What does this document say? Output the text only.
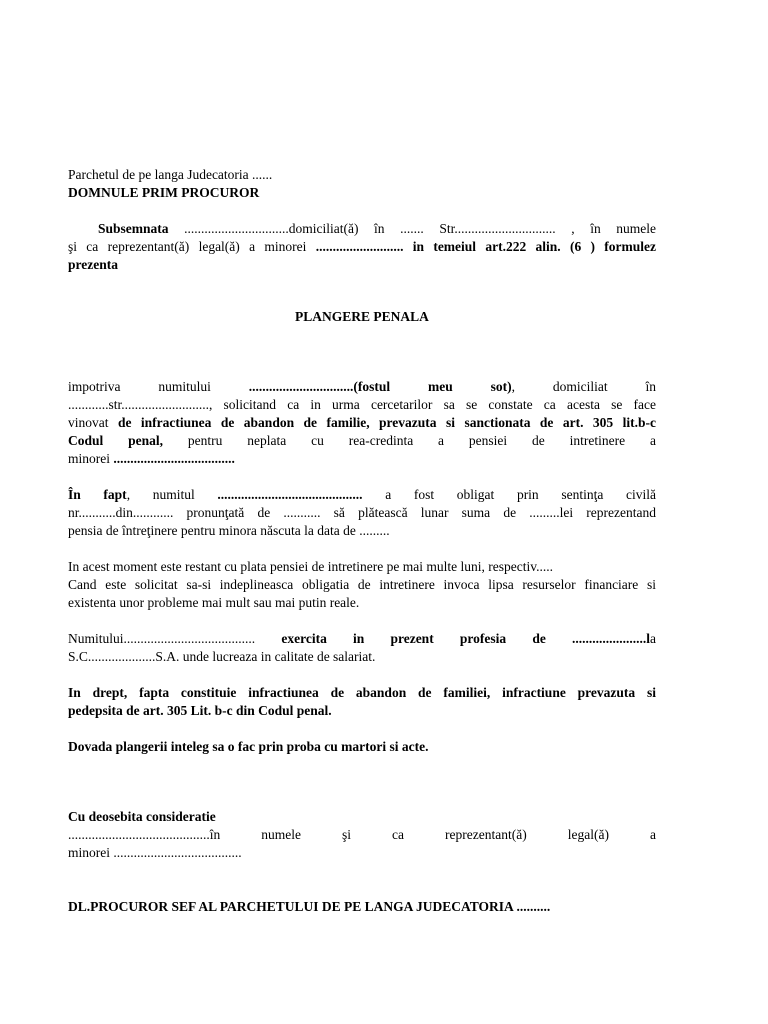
Parchetul de pe langa Judecatoria ......

DOMNULE PRIM PROCUROR

Subsemnata ...............................domiciliat(ă) în ....... Str.............................. , în numele

şi ca reprezentant(ă) legal(ă) a minorei .......................... in temeiul art.222 alin. (6 ) formulez

prezenta

PLANGERE PENALA

impotriva numitului	...............................(fostul meu sot), domiciliat în

............str.........................., solicitand ca in urma cercetarilor sa se constate ca acesta se face

vinovat de infractiunea de abandon de familie, prevazuta si sanctionata de art. 305 lit.b-c

Codul penal, pentru neplata cu rea-credinta a pensiei de intretinere a

minorei ....................................

În fapt, numitul ........................................... a fost obligat prin sentinţa civilă

nr...........din............ pronunţată de ........... să plătească lunar suma de .........lei reprezentand

pensia de întreţinere pentru minora născuta la data de .........

In acest moment este restant cu plata pensiei de intretinere pe mai multe luni, respectiv.....

Cand este solicitat sa-si indeplineasca obligatia de intretinere invoca lipsa resurselor financiare si

existenta unor probleme mai mult sau mai putin reale.

Numitului....................................... exercita in prezent profesia de ......................la

S.C....................S.A. unde lucreaza in calitate de salariat.

In drept, fapta constituie infractiunea de abandon de familiei, infractiune prevazuta si

pedepsita de art. 305 Lit. b-c din Codul penal.

Dovada plangerii inteleg sa o fac prin proba cu martori si acte.

Cu deosebita consideratie

..........................................în numele şi ca reprezentant(ă) legal(ă) a

minorei ......................................

DL.PROCUROR SEF AL PARCHETULUI DE PE LANGA JUDECATORIA ..........
